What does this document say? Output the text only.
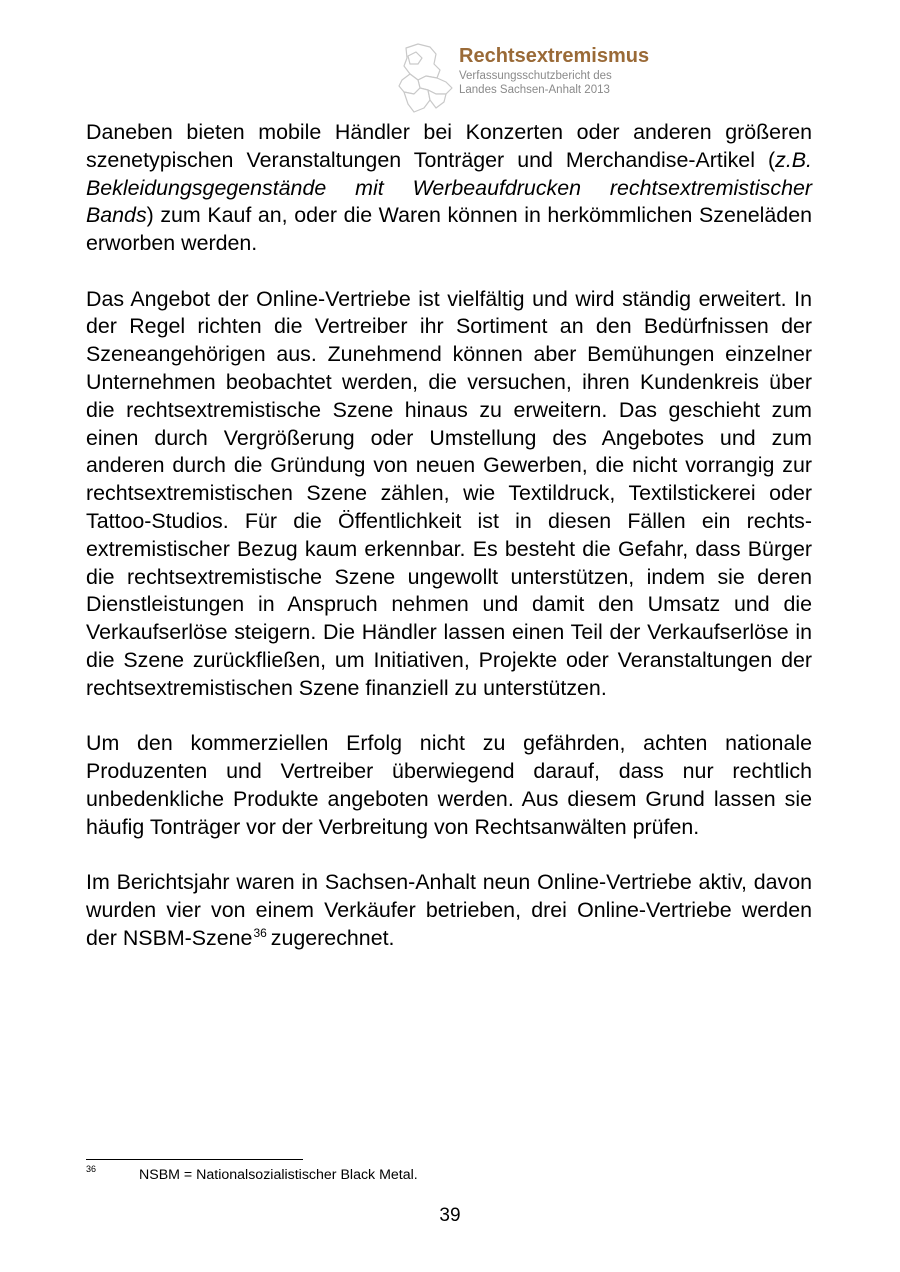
Rechtsextremismus
Verfassungsschutzbericht des
Landes Sachsen-Anhalt 2013

Daneben bieten mobile Händler bei Konzerten oder anderen größeren szenetypischen Veranstaltungen Tonträger und Merchandise-Artikel (z.B. Bekleidungsgegenstände mit Werbeaufdrucken rechtsextremistischer Bands) zum Kauf an, oder die Waren können in herkömmlichen Szeneläden erworben werden.

Das Angebot der Online-Vertriebe ist vielfältig und wird ständig erweitert. In der Regel richten die Vertreiber ihr Sortiment an den Bedürfnissen der Szeneangehörigen aus. Zunehmend können aber Bemühungen einzelner Unternehmen beobachtet werden, die versuchen, ihren Kundenkreis über die rechtsextremistische Szene hinaus zu erweitern. Das geschieht zum einen durch Vergrößerung oder Umstellung des Angebotes und zum anderen durch die Gründung von neuen Gewerben, die nicht vorrangig zur rechtsextremistischen Szene zählen, wie Textildruck, Textilstickerei oder Tattoo-Studios. Für die Öffentlichkeit ist in diesen Fällen ein rechtsextremistischer Bezug kaum erkennbar. Es besteht die Gefahr, dass Bürger die rechtsextremistische Szene ungewollt unterstützen, indem sie deren Dienstleistungen in Anspruch nehmen und damit den Umsatz und die Verkaufserlöse steigern. Die Händler lassen einen Teil der Verkaufserlöse in die Szene zurückfließen, um Initiativen, Projekte oder Veranstaltungen der rechtsextremistischen Szene finanziell zu unterstützen.

Um den kommerziellen Erfolg nicht zu gefährden, achten nationale Produzenten und Vertreiber überwiegend darauf, dass nur rechtlich unbedenkliche Produkte angeboten werden. Aus diesem Grund lassen sie häufig Tonträger vor der Verbreitung von Rechtsanwälten prüfen.

Im Berichtsjahr waren in Sachsen-Anhalt neun Online-Vertriebe aktiv, davon wurden vier von einem Verkäufer betrieben, drei Online-Vertriebe werden der NSBM-Szene$^{36}$ zugerechnet.

36	NSBM = Nationalsozialistischer Black Metal.
39
